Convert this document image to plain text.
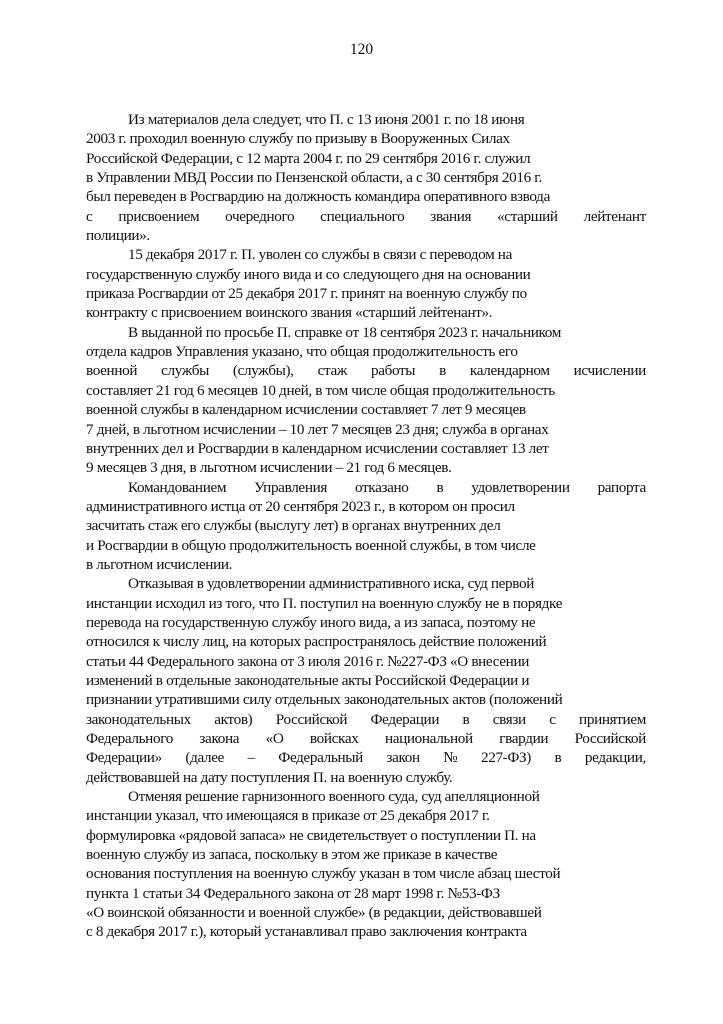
120
Из материалов дела следует, что П. с 13 июня 2001 г. по 18 июня
2003 г. проходил военную службу по призыву в Вооруженных Силах
Российской Федерации, с 12 марта 2004 г. по 29 сентября 2016 г. служил
в Управлении МВД России по Пензенской области, а с 30 сентября 2016 г.
был переведен в Росгвардию на должность командира оперативного взвода
с присвоением очередного специального звания «старший лейтенант
полиции».
15 декабря 2017 г. П. уволен со службы в связи с переводом на
государственную службу иного вида и со следующего дня на основании
приказа Росгвардии от 25 декабря 2017 г. принят на военную службу по
контракту с присвоением воинского звания «старший лейтенант».
В выданной по просьбе П. справке от 18 сентября 2023 г. начальником
отдела кадров Управления указано, что общая продолжительность его
военной службы (службы), стаж работы в календарном исчислении
составляет 21 год 6 месяцев 10 дней, в том числе общая продолжительность
военной службы в календарном исчислении составляет 7 лет 9 месяцев
7 дней, в льготном исчислении – 10 лет 7 месяцев 23 дня; служба в органах
внутренних дел и Росгвардии в календарном исчислении составляет 13 лет
9 месяцев 3 дня, в льготном исчислении – 21 год 6 месяцев.
Командованием Управления отказано в удовлетворении рапорта
административного истца от 20 сентября 2023 г., в котором он просил
засчитать стаж его службы (выслугу лет) в органах внутренних дел
и Росгвардии в общую продолжительность военной службы, в том числе
в льготном исчислении.
Отказывая в удовлетворении административного иска, суд первой
инстанции исходил из того, что П. поступил на военную службу не в порядке
перевода на государственную службу иного вида, а из запаса, поэтому не
относился к числу лиц, на которых распространялось действие положений
статьи 44 Федерального закона от 3 июля 2016 г. №227-ФЗ «О внесении
изменений в отдельные законодательные акты Российской Федерации и
признании утратившими силу отдельных законодательных актов (положений
законодательных актов) Российской Федерации в связи с принятием
Федерального закона «О войсках национальной гвардии Российской
Федерации» (далее – Федеральный закон № 227-ФЗ) в редакции,
действовавшей на дату поступления П. на военную службу.
Отменяя решение гарнизонного военного суда, суд апелляционной
инстанции указал, что имеющаяся в приказе от 25 декабря 2017 г.
формулировка «рядовой запаса» не свидетельствует о поступлении П. на
военную службу из запаса, поскольку в этом же приказе в качестве
основания поступления на военную службу указан в том числе абзац шестой
пункта 1 статьи 34 Федерального закона от 28 март 1998 г. №53-ФЗ
«О воинской обязанности и военной службе» (в редакции, действовавшей
с 8 декабря 2017 г.), который устанавливал право заключения контракта
